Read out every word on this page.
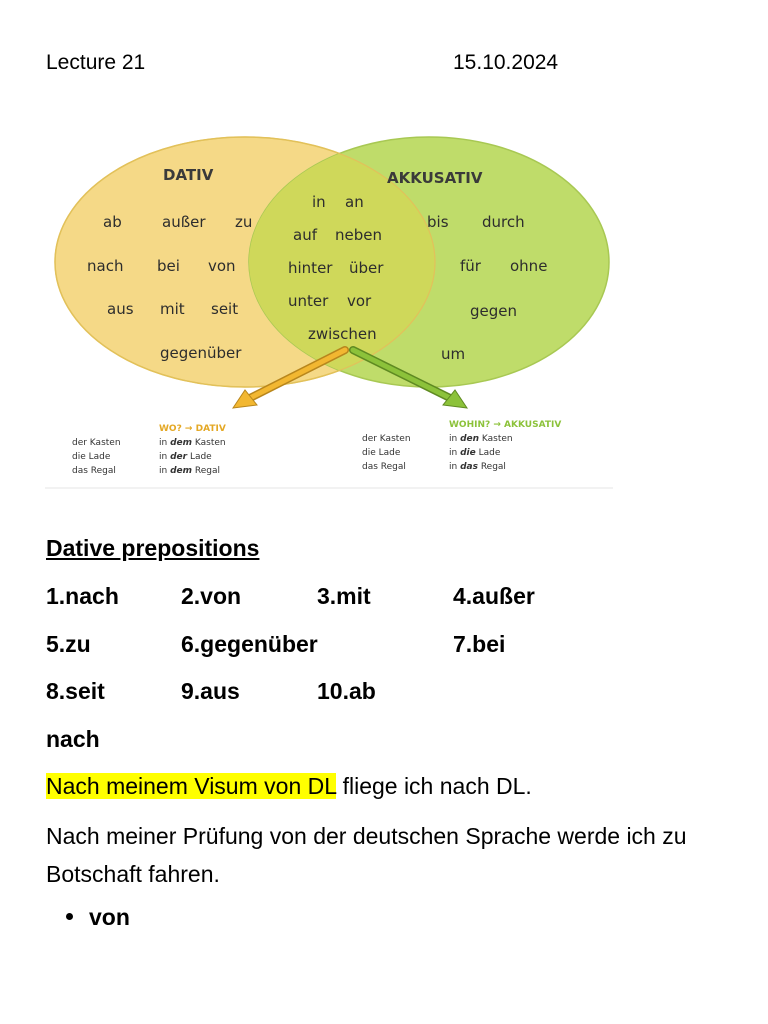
Lecture 21	15.10.2024
DATIV	AKKUSATIV
ab	außer zu
nach bei von
aus mit seit
gegenüber
in an
auf neben
hinter über
unter vor
zwischen
bis durch
für ohne
gegen
um
WO? → DATIV	WOHIN? → AKKUSATIV
der Kasten
die Lade
das Regal
in dem Kasten
in der Lade
in dem Regal
der Kasten
die Lade
das Regal
in den Kasten
in die Lade
in das Regal
Dative prepositions
1.nach	2.von	3.mit	4.außer
5.zu	6.gegenüber	7.bei
8.seit	9.aus	10.ab
nach
Nach meinem Visum von DL fliege ich nach DL.
Nach meiner Prüfung von der deutschen Sprache werde ich zu Botschaft fahren.
von
